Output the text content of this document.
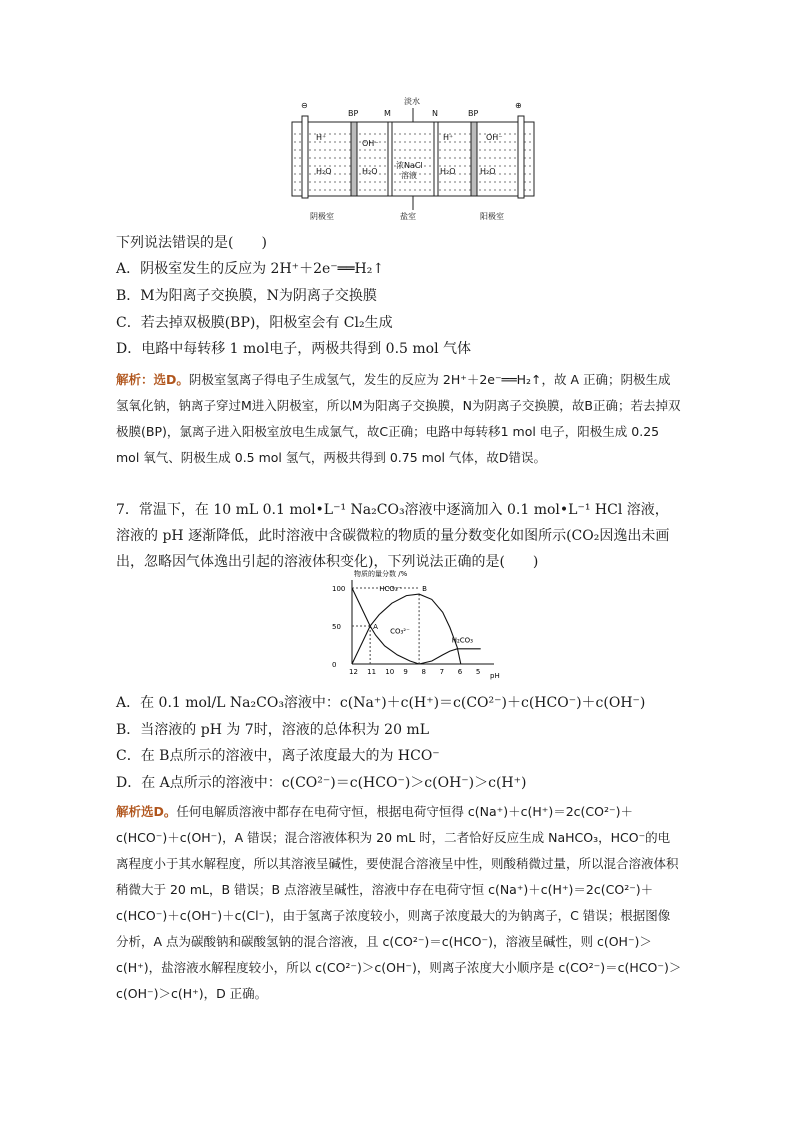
⊖
BP	M
淡水
N	BP
⊕
H⁺
OH⁻
H₂O	H₂O
浓NaCl
溶液	H₂O	H₂O
H⁺	OH⁻
阴极室	盐室	阳极室
下列说法错误的是(　　)
A．阴极室发生的反应为 2H⁺＋2e⁻══H₂↑
B．M为阳离子交换膜，N为阴离子交换膜
C．若去掉双极膜(BP)，阳极室会有 Cl₂生成
D．电路中每转移 1 mol电子，两极共得到 0.5 mol 气体
解析：选D。阴极室氢离子得电子生成氢气，发生的反应为 2H⁺＋2e⁻══H₂↑，故 A 正确；阴极生成氢氧化钠，钠离子穿过M进入阴极室，所以M为阳离子交换膜，N为阴离子交换膜，故B正确；若去掉双极膜(BP)，氯离子进入阳极室放电生成氯气，故C正确；电路中每转移1 mol 电子，阳极生成 0.25 mol 氧气、阴极生成 0.5 mol 氢气，两极共得到 0.75 mol 气体，故D错误。
7．常温下，在 10 mL 0.1 mol•L⁻¹ Na₂CO₃溶液中逐滴加入 0.1 mol•L⁻¹ HCl 溶液，溶液的 pH 逐渐降低，此时溶液中含碳微粒的物质的量分数变化如图所示(CO₂因逸出未画出，忽略因气体逸出引起的溶液体积变化)，下列说法正确的是(　　)
物质的量分数 /%
pH
12 11 10 9 8 7 6 5
0
50
100	HCO₃⁻
CO₃²⁻
H₂CO₃
A
B
A．在 0.1 mol/L Na₂CO₃溶液中：c(Na⁺)＋c(H⁺)＝c(CO²⁻)＋c(HCO⁻)＋c(OH⁻)
B．当溶液的 pH 为 7时，溶液的总体积为 20 mL
C．在 B点所示的溶液中，离子浓度最大的为 HCO⁻
D．在 A点所示的溶液中：c(CO²⁻)＝c(HCO⁻)＞c(OH⁻)＞c(H⁺)
解析选D。任何电解质溶液中都存在电荷守恒，根据电荷守恒得 c(Na⁺)＋c(H⁺)＝2c(CO²⁻)＋c(HCO⁻)＋c(OH⁻)，A 错误；混合溶液体积为 20 mL 时，二者恰好反应生成 NaHCO₃，HCO⁻的电离程度小于其水解程度，所以其溶液呈碱性，要使混合溶液呈中性，则酸稍微过量，所以混合溶液体积稍微大于 20 mL，B 错误；B 点溶液呈碱性，溶液中存在电荷守恒 c(Na⁺)＋c(H⁺)＝2c(CO²⁻)＋c(HCO⁻)＋c(OH⁻)＋c(Cl⁻)，由于氢离子浓度较小，则离子浓度最大的为钠离子，C 错误；根据图像分析，A 点为碳酸钠和碳酸氢钠的混合溶液，且 c(CO²⁻)＝c(HCO⁻)，溶液呈碱性，则 c(OH⁻)＞c(H⁺)，盐溶液水解程度较小，所以 c(CO²⁻)＞c(OH⁻)，则离子浓度大小顺序是 c(CO²⁻)＝c(HCO⁻)＞c(OH⁻)＞c(H⁺)，D 正确。
